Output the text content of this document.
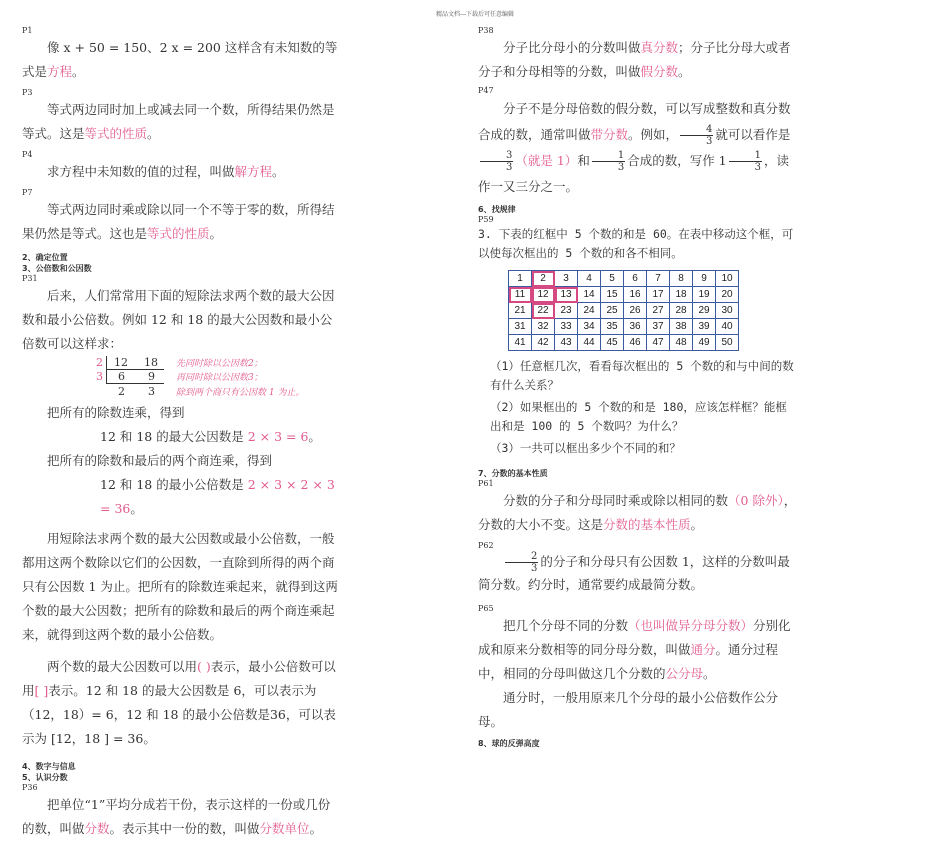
精品文档---下载后可任意编辑

P1

像 x + 50 = 150、2 x = 200 这样含有未知数的等式是方程。

P3

等式两边同时加上或减去同一个数，所得结果仍然是等式。这是等式的性质。

P4

求方程中未知数的值的过程，叫做解方程。

P7

等式两边同时乘或除以同一个不等于零的数，所得结果仍然是等式。这也是等式的性质。

2、确定位置

3、公倍数和公因数

P31

后来，人们常常用下面的短除法求两个数的最大公因数和最小公倍数。例如 12 和 18 的最大公因数和最小公倍数可以这样求：

2
3
12 18
6 9
2 3
先同时除以公因数2；
再同时除以公因数3；
除到两个商只有公因数 1 为止。

把所有的除数连乘，得到

12 和 18 的最大公因数是 2 × 3 = 6。

把所有的除数和最后的两个商连乘，得到

12 和 18 的最小公倍数是 2 × 3 × 2 × 3 = 36。

用短除法求两个数的最大公因数或最小公倍数，一般都用这两个数除以它们的公因数，一直除到所得的两个商只有公因数 1 为止。把所有的除数连乘起来，就得到这两个数的最大公因数；把所有的除数和最后的两个商连乘起来，就得到这两个数的最小公倍数。

两个数的最大公因数可以用( )表示，最小公倍数可以用[ ]表示。12 和 18 的最大公因数是 6，可以表示为（12，18）= 6，12 和 18 的最小公倍数是36，可以表示为 [12，18 ] = 36。

4、数字与信息

5、认识分数

P36

把单位“1”平均分成若干份，表示这样的一份或几份的数，叫做分数。表示其中一份的数，叫做分数单位。

P38

分子比分母小的分数叫做真分数；分子比分母大或者分子和分母相等的分数，叫做假分数。

P47

分子不是分母倍数的假分数，可以写成整数和真分数合成的数，通常叫做带分数。例如， $\frac{4}{3}$ 就可以看作是
$\frac{3}{3}$ （就是 1）和 $\frac{1}{3}$ 合成的数，写作 $1 \frac{1}{3}$ ，读作一又三分之一。

6、找规律

P59

3. 下表的红框中 5 个数的和是 60。在表中移动这个框，可以使每次框出的 5 个数的和各不相同。

1	2	3	4	5	6	7	8	9	10
11	12	13	14	15	16	17	18	19	20
21	22	23	24	25	26	27	28	29	30
31	32	33	34	35	36	37	38	39	40
41	42	43	44	45	46	47	48	49	50

（1）任意框几次，看看每次框出的 5 个数的和与中间的数有什么关系？

（2）如果框出的 5 个数的和是 180，应该怎样框？能框出和是 100 的 5 个数吗？为什么？

（3）一共可以框出多少个不同的和？

7、分数的基本性质

P61

分数的分子和分母同时乘或除以相同的数（0 除外），分数的大小不变。这是分数的基本性质。

P62

$\frac{2}{3}$ 的分子和分母只有公因数 1，这样的分数叫最简分数。约分时，通常要约成最简分数。

P65

把几个分母不同的分数（也叫做异分母分数）分别化成和原来分数相等的同分母分数，叫做通分。通分过程中，相同的分母叫做这几个分数的公分母。

通分时，一般用原来几个分母的最小公倍数作公分母。

8、球的反弹高度
